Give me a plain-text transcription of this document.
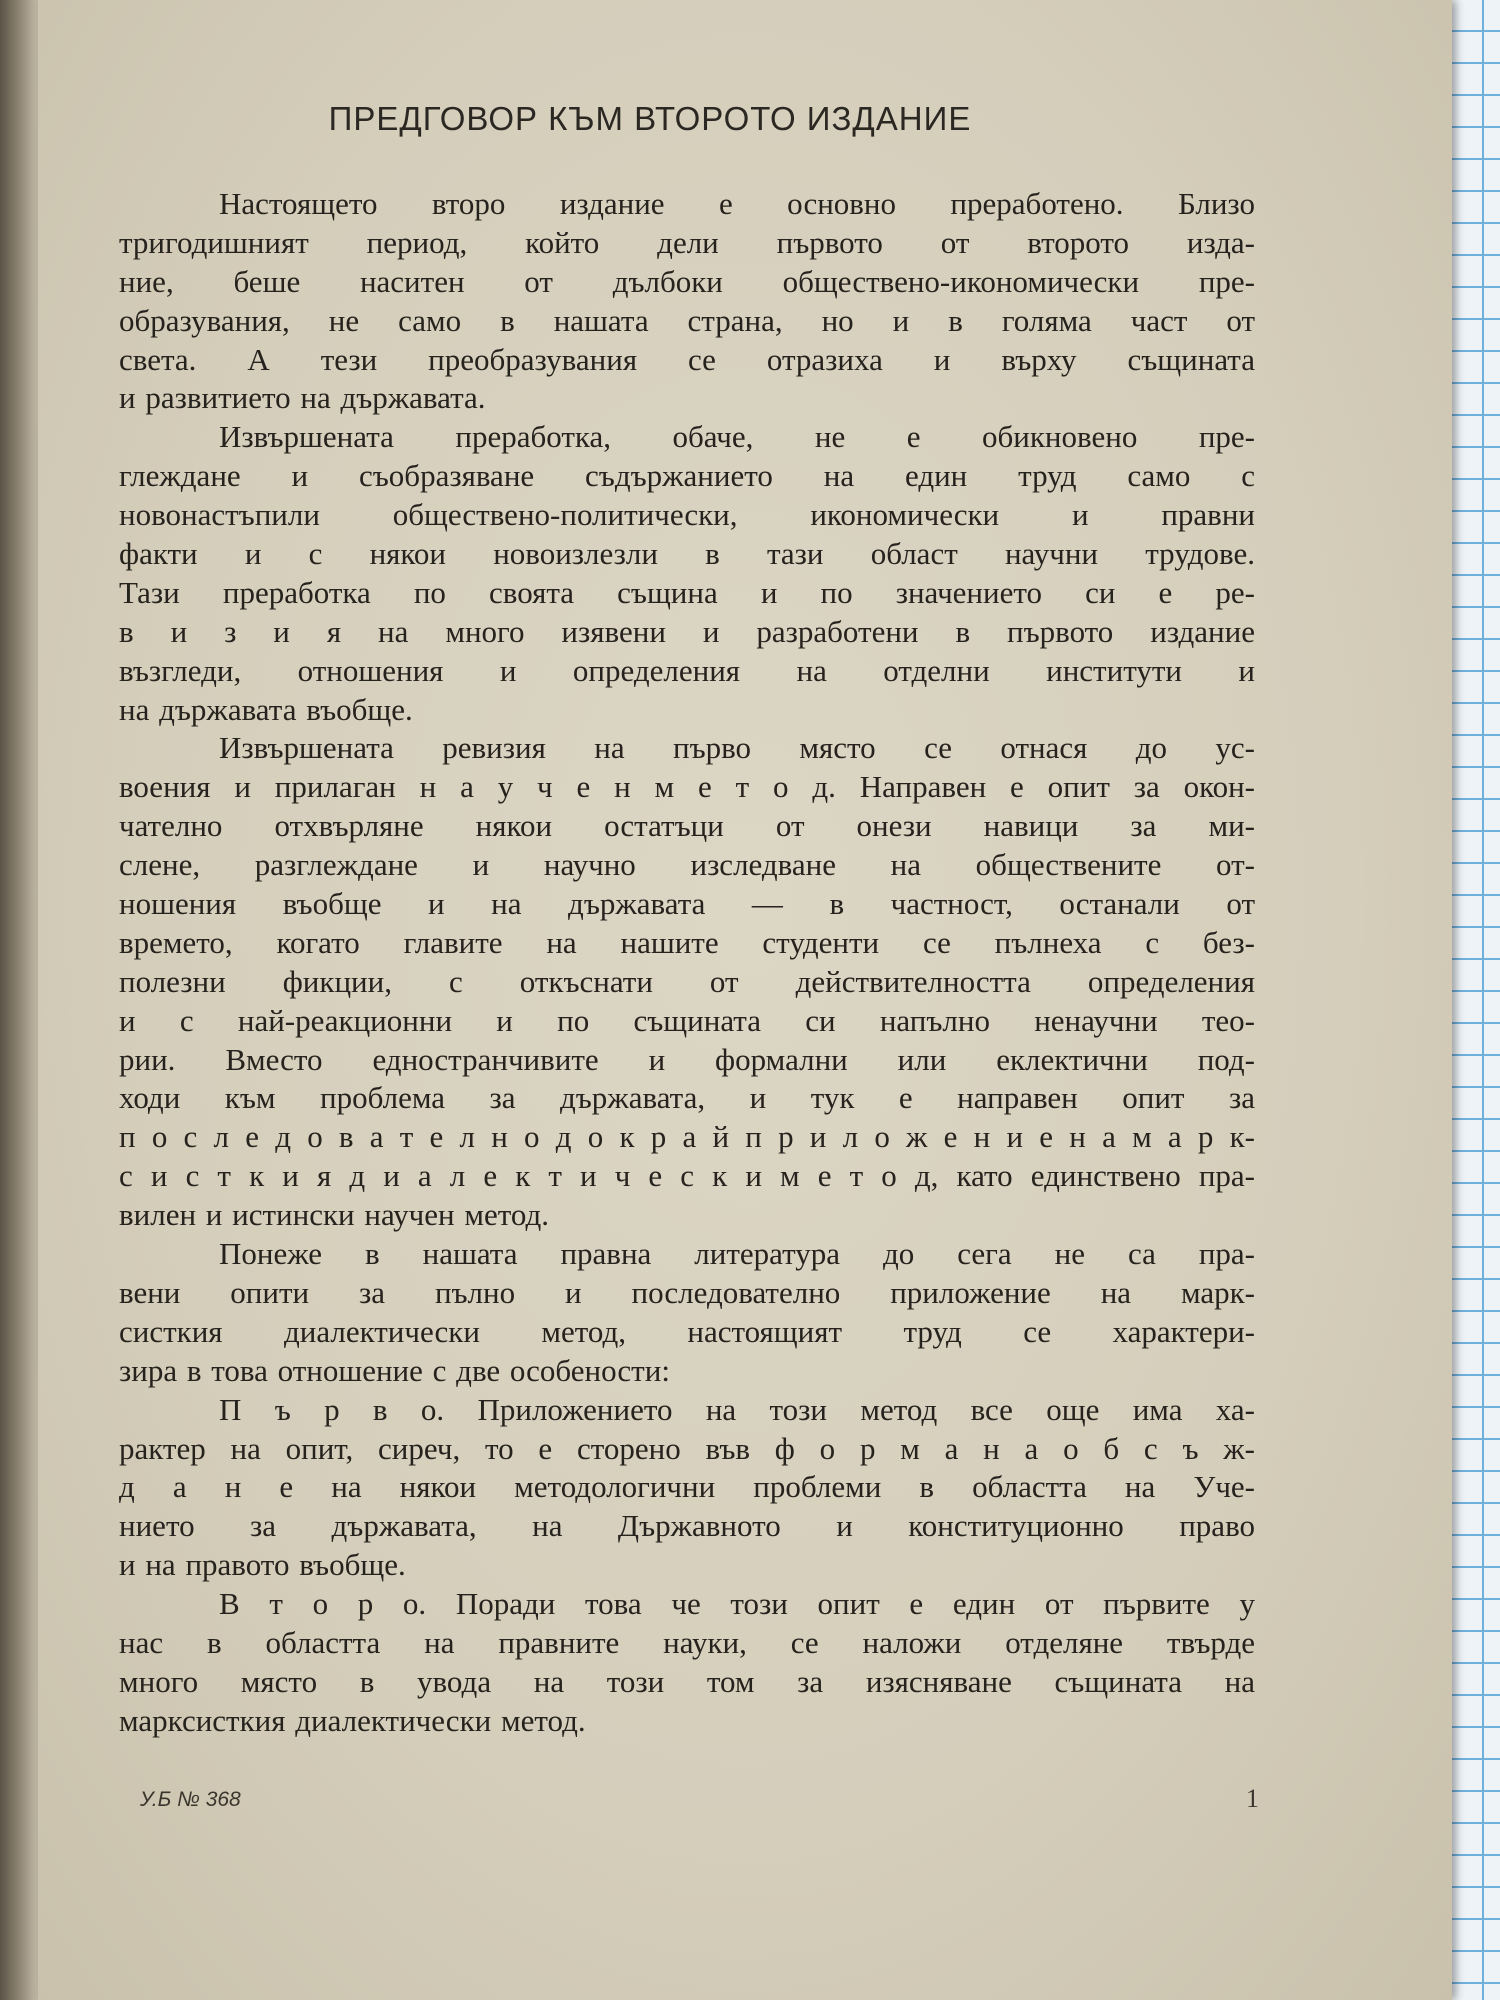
ПРЕДГОВОР КЪМ ВТОРОТО ИЗДАНИЕ
Настоящето второ издание е основно преработено. Близо
тригодишният период, който дели първото от второто изда-
ние, беше наситен от дълбоки обществено-икономически пре-
образувания, не само в нашата страна, но и в голяма част от
света. А тези преобразувания се отразиха и върху същината
и развитието на държавата.
Извършената преработка, обаче, не е обикновено пре-
глеждане и съобразяване съдържанието на един труд само с
новонастъпили обществено-политически, икономически и правни
факти и с някои новоизлезли в тази област научни трудове.
Тази преработка по своята същина и по значението си е ре-
в и з и я на много изявени и разработени в първото издание
възгледи, отношения и определения на отделни институти и
на държавата въобще.
Извършената ревизия на първо място се отнася до ус-
воения и прилаган н а у ч е н м е т о д. Направен е опит за окон-
чателно отхвърляне някои остатъци от онези навици за ми-
слене, разглеждане и научно изследване на обществените от-
ношения въобще и на държавата — в частност, останали от
времето, когато главите на нашите студенти се пълнеха с без-
полезни фикции, с откъснати от действителността определения
и с най-реакционни и по същината си напълно ненаучни тео-
рии. Вместо едностранчивите и формални или еклектични под-
ходи към проблема за държавата, и тук е направен опит за
п о с л е д о в а т е л н о д о к р а й п р и л о ж е н и е н а м а р к-
с и с т к и я д и а л е к т и ч е с к и м е т о д, като единствено пра-
вилен и истински научен метод.
Понеже в нашата правна литература до сега не са пра-
вени опити за пълно и последователно приложение на марк-
систкия диалектически метод, настоящият труд се характери-
зира в това отношение с две особености:
П ъ р в о. Приложението на този метод все още има ха-
рактер на опит, сиреч, то е сторено във ф о р м а н а о б с ъ ж-
д а н е на някои методологични проблеми в областта на Уче-
нието за държавата, на Държавното и конституционно право
и на правото въобще.
В т о р о. Поради това че този опит е един от първите у
нас в областта на правните науки, се наложи отделяне твърде
много място в увода на този том за изясняване същината на
марксисткия диалектически метод.
У.Б № 368	1
